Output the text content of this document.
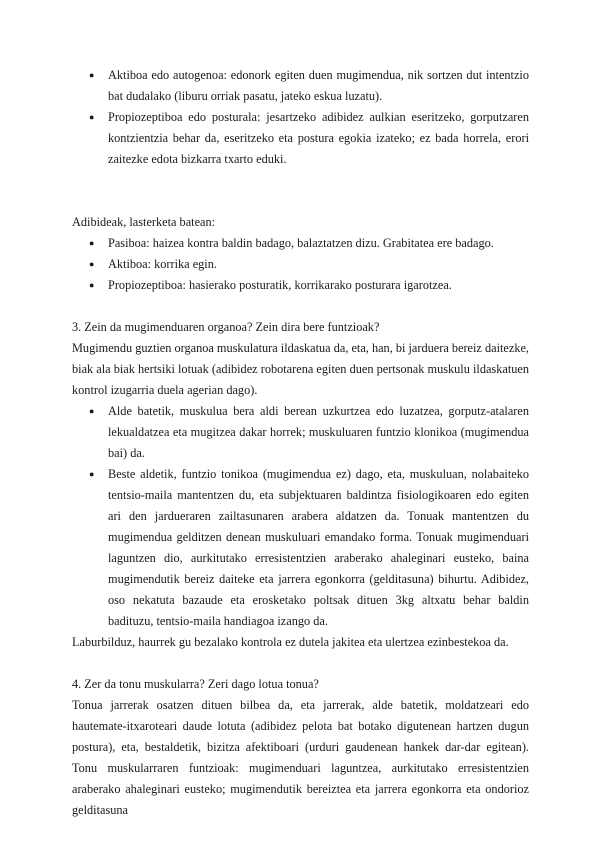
● Aktiboa edo autogenoa: edonork egiten duen mugimendua, nik sortzen dut intentzio bat dudalako (liburu orriak pasatu, jateko eskua luzatu).
● Propiozeptiboa edo posturala: jesartzeko adibidez aulkian eseritzeko, gorputzaren kontzientzia behar da, eseritzeko eta postura egokia izateko; ez bada horrela, erori zaitezke edota bizkarra txarto eduki.

Adibideak, lasterketa batean:

● Pasiboa: haizea kontra baldin badago, balaztatzen dizu. Grabitatea ere badago.
● Aktiboa: korrika egin.
● Propiozeptiboa: hasierako posturatik, korrikarako posturara igarotzea.

3. Zein da mugimenduaren organoa? Zein dira bere funtzioak?

Mugimendu guztien organoa muskulatura ildaskatua da, eta, han, bi jarduera bereiz daitezke, biak ala biak hertsiki lotuak (adibidez robotarena egiten duen pertsonak muskulu ildaskatuen kontrol izugarria duela agerian dago).

● Alde batetik, muskulua bera aldi berean uzkurtzea edo luzatzea, gorputz-atalaren lekualdatzea eta mugitzea dakar horrek; muskuluaren funtzio klonikoa (mugimendua bai) da.
● Beste aldetik, funtzio tonikoa (mugimendua ez) dago, eta, muskuluan, nolabaiteko tentsio-maila mantentzen du, eta subjektuaren baldintza fisiologikoaren edo egiten ari den jardueraren zailtasunaren arabera aldatzen da. Tonuak mantentzen du mugimendua gelditzen denean muskuluari emandako forma. Tonuak mugimenduari laguntzen dio, aurkitutako erresistentzien araberako ahaleginari eusteko, baina mugimendutik bereiz daiteke eta jarrera egonkorra (gelditasuna) bihurtu. Adibidez, oso nekatuta bazaude eta erosketako poltsak dituen 3kg altxatu behar baldin badituzu, tentsio-maila handiagoa izango da.

Laburbilduz, haurrek gu bezalako kontrola ez dutela jakitea eta ulertzea ezinbestekoa da.

4. Zer da tonu muskularra? Zeri dago lotua tonua?

Tonua jarrerak osatzen dituen bilbea da, eta jarrerak, alde batetik, moldatzeari edo hautemate-itxaroteari daude lotuta (adibidez pelota bat botako digutenean hartzen dugun postura), eta, bestaldetik, bizitza afektiboari (urduri gaudenean hankek dar-dar egitean). Tonu muskularraren funtzioak: mugimenduari laguntzea, aurkitutako erresistentzien araberako ahaleginari eusteko; mugimendutik bereiztea eta jarrera egonkorra eta ondorioz gelditasuna
